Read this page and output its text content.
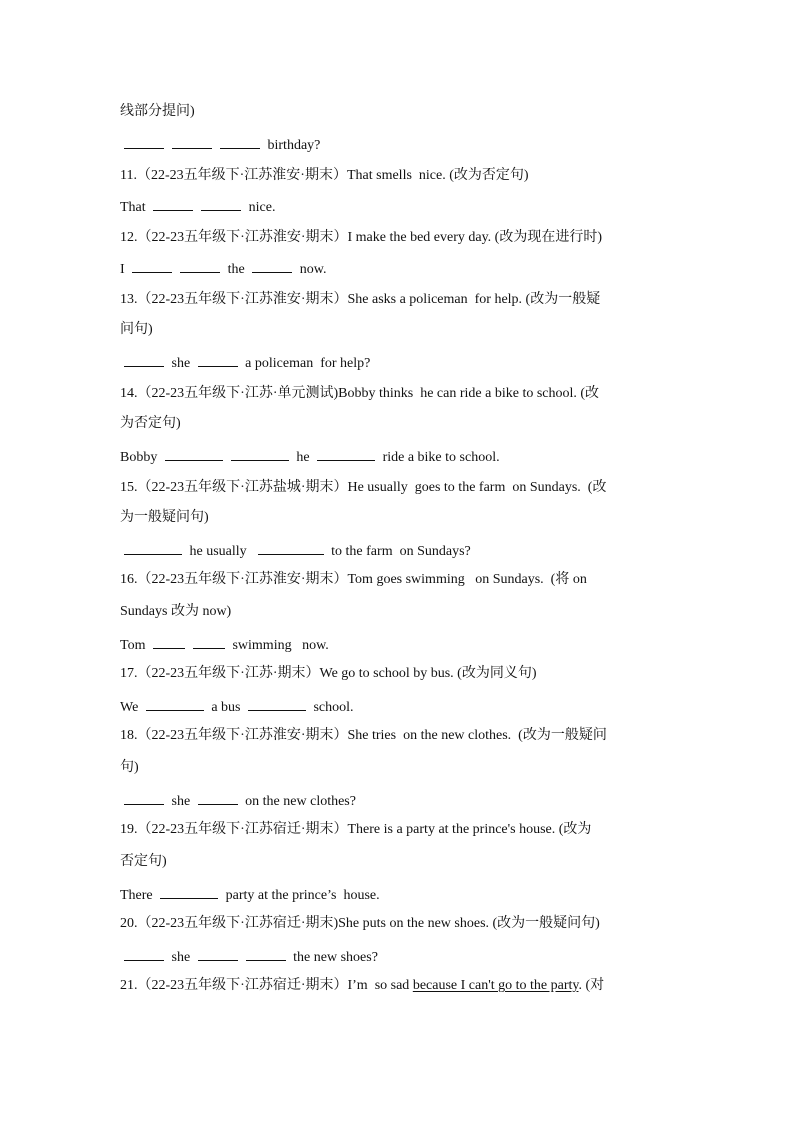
线部分提问)
birthday?
11.（22-23五年级下·江苏淮安·期末）That smells  nice. (改为否定句)
That	nice.
12.（22-23五年级下·江苏淮安·期末）I make the bed every day. (改为现在进行时)
I	the	now.
13.（22-23五年级下·江苏淮安·期末）She asks a policeman  for help. (改为一般疑
问句)
she	a policeman  for help?
14.（22-23五年级下·江苏·单元测试)Bobby thinks  he can ride a bike to school. (改
为否定句)
Bobby	he	ride a bike to school.
15.（22-23五年级下·江苏盐城·期末）He usually  goes to the farm  on Sundays.  (改
为一般疑问句)
he usually	to the farm  on Sundays?
16.（22-23五年级下·江苏淮安·期末）Tom goes swimming   on Sundays.  (将 on
Sundays 改为 now)
Tom	swimming   now.
17.（22-23五年级下·江苏·期末）We go to school by bus. (改为同义句)
We	a bus	school.
18.（22-23五年级下·江苏淮安·期末）She tries  on the new clothes.  (改为一般疑问
句)
she	on the new clothes?
19.（22-23五年级下·江苏宿迁·期末）There is a party at the prince's house. (改为
否定句)
There	party at the prince’s  house.
20.（22-23五年级下·江苏宿迁·期末)She puts on the new shoes. (改为一般疑问句)
she	the new shoes?
21.（22-23五年级下·江苏宿迁·期末）I’m  so sad because I can't go to the party. (对
